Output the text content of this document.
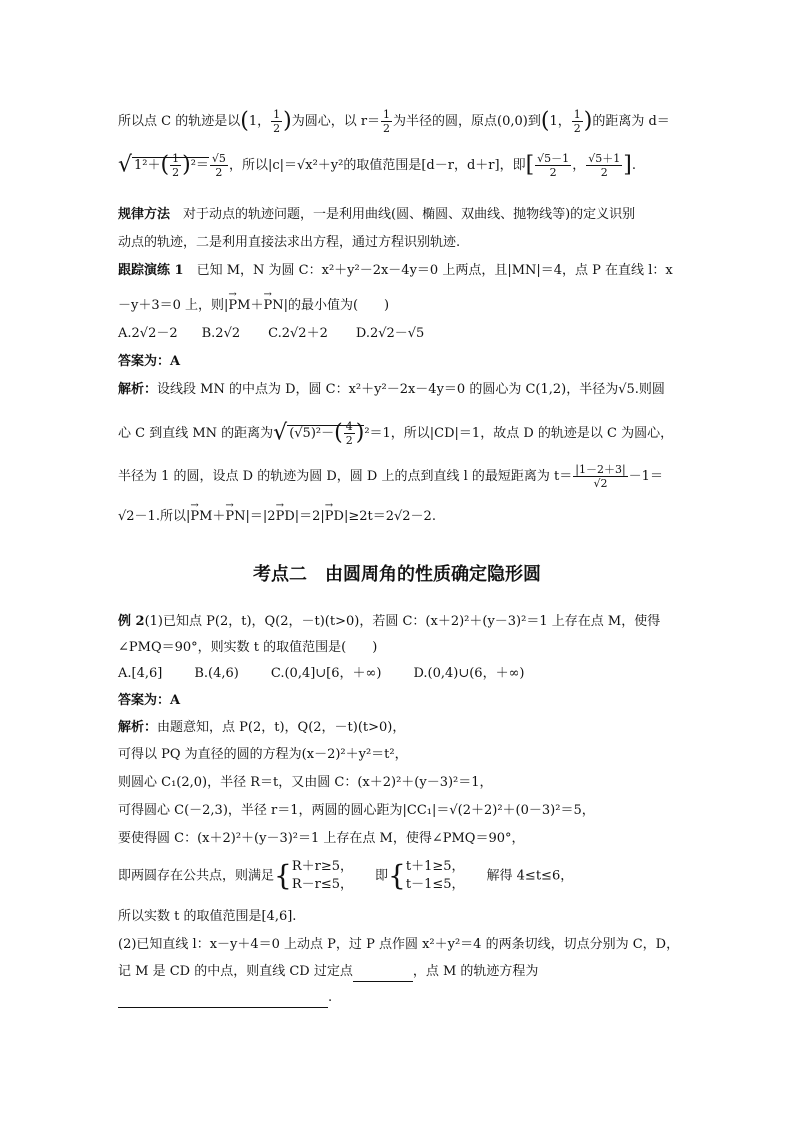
所以点 C 的轨迹是以(1， $\frac{1}{2}$ )为圆心，以 $r= \frac{1}{2}$ 为半径的圆，原点(0,0)到(1， $\frac{1}{2}$ )的距离为 d＝
√ $1^2+( \frac{1}{2} )^2= \frac{√5}{2}$ ，所以|c|＝√x²＋y²的取值范围是[d－r，d＋r]，即[ $\frac{√5-1}{2}$ ， $\frac{√5+1}{2}$ ].
规律方法　对于动点的轨迹问题，一是利用曲线(圆、椭圆、双曲线、抛物线等)的定义识别
动点的轨迹，二是利用直接法求出方程，通过方程识别轨迹.
跟踪演练 1　已知 M，N 为圆 C：x²＋y²－2x－4y＝0 上两点，且|MN|＝4，点 P 在直线 l：x
－y＋3＝0 上，则|→ PM＋→ PN|的最小值为(　　)
A.2√2－2 B.2√2 C.2√2＋2 D.2√2－√5
答案为：A
解析：设线段 MN 的中点为 D，圆 C：x²＋y²－2x－4y＝0 的圆心为 C(1,2)，半径为√5.则圆
心 C 到直线 MN 的距离为√ $(√5)^2-( \frac{4}{2} )^2=1$，所以|CD|＝1，故点 D 的轨迹是以 C 为圆心，
半径为 1 的圆，设点 D 的轨迹为圆 D，圆 D 上的点到直线 l 的最短距离为 $t= \frac{|1-2+3|}{√2} -1=$
√2－1.所以|→ PM＋→ PN|＝|2→ PD|＝2|→ PD|≥2t＝2√2－2.
考点二　由圆周角的性质确定隐形圆
例 2(1)已知点 P(2，t)，Q(2，－t)(t>0)，若圆 C：(x＋2)²＋(y－3)²＝1 上存在点 M，使得
∠PMQ＝90°，则实数 t 的取值范围是(　　)
A.[4,6] B.(4,6) C.(0,4]∪[6，＋∞) D.(0,4)∪(6，＋∞)
答案为：A
解析：由题意知，点 P(2，t)，Q(2，－t)(t>0)，
可得以 PQ 为直径的圆的方程为(x－2)²＋y²＝t²，
则圆心 C₁(2,0)，半径 R＝t，又由圆 C：(x＋2)²＋(y－3)²＝1，
可得圆心 C(－2,3)，半径 r＝1，两圆的圆心距为|CC₁|＝√(2＋2)²＋(0－3)²＝5，
要使得圆 C：(x＋2)²＋(y－3)²＝1 上存在点 M，使得∠PMQ＝90°，
即两圆存在公共点，则满足{ R＋r≥5，
R－r≤5，
即{ t＋1≥5，
t－1≤5，
解得 4≤t≤6，
所以实数 t 的取值范围是[4,6].
(2)已知直线 l：x－y＋4＝0 上动点 P，过 P 点作圆 x²＋y²＝4 的两条切线，切点分别为 C，D，
记 M 是 CD 的中点，则直线 CD 过定点	，点 M 的轨迹方程为
.
